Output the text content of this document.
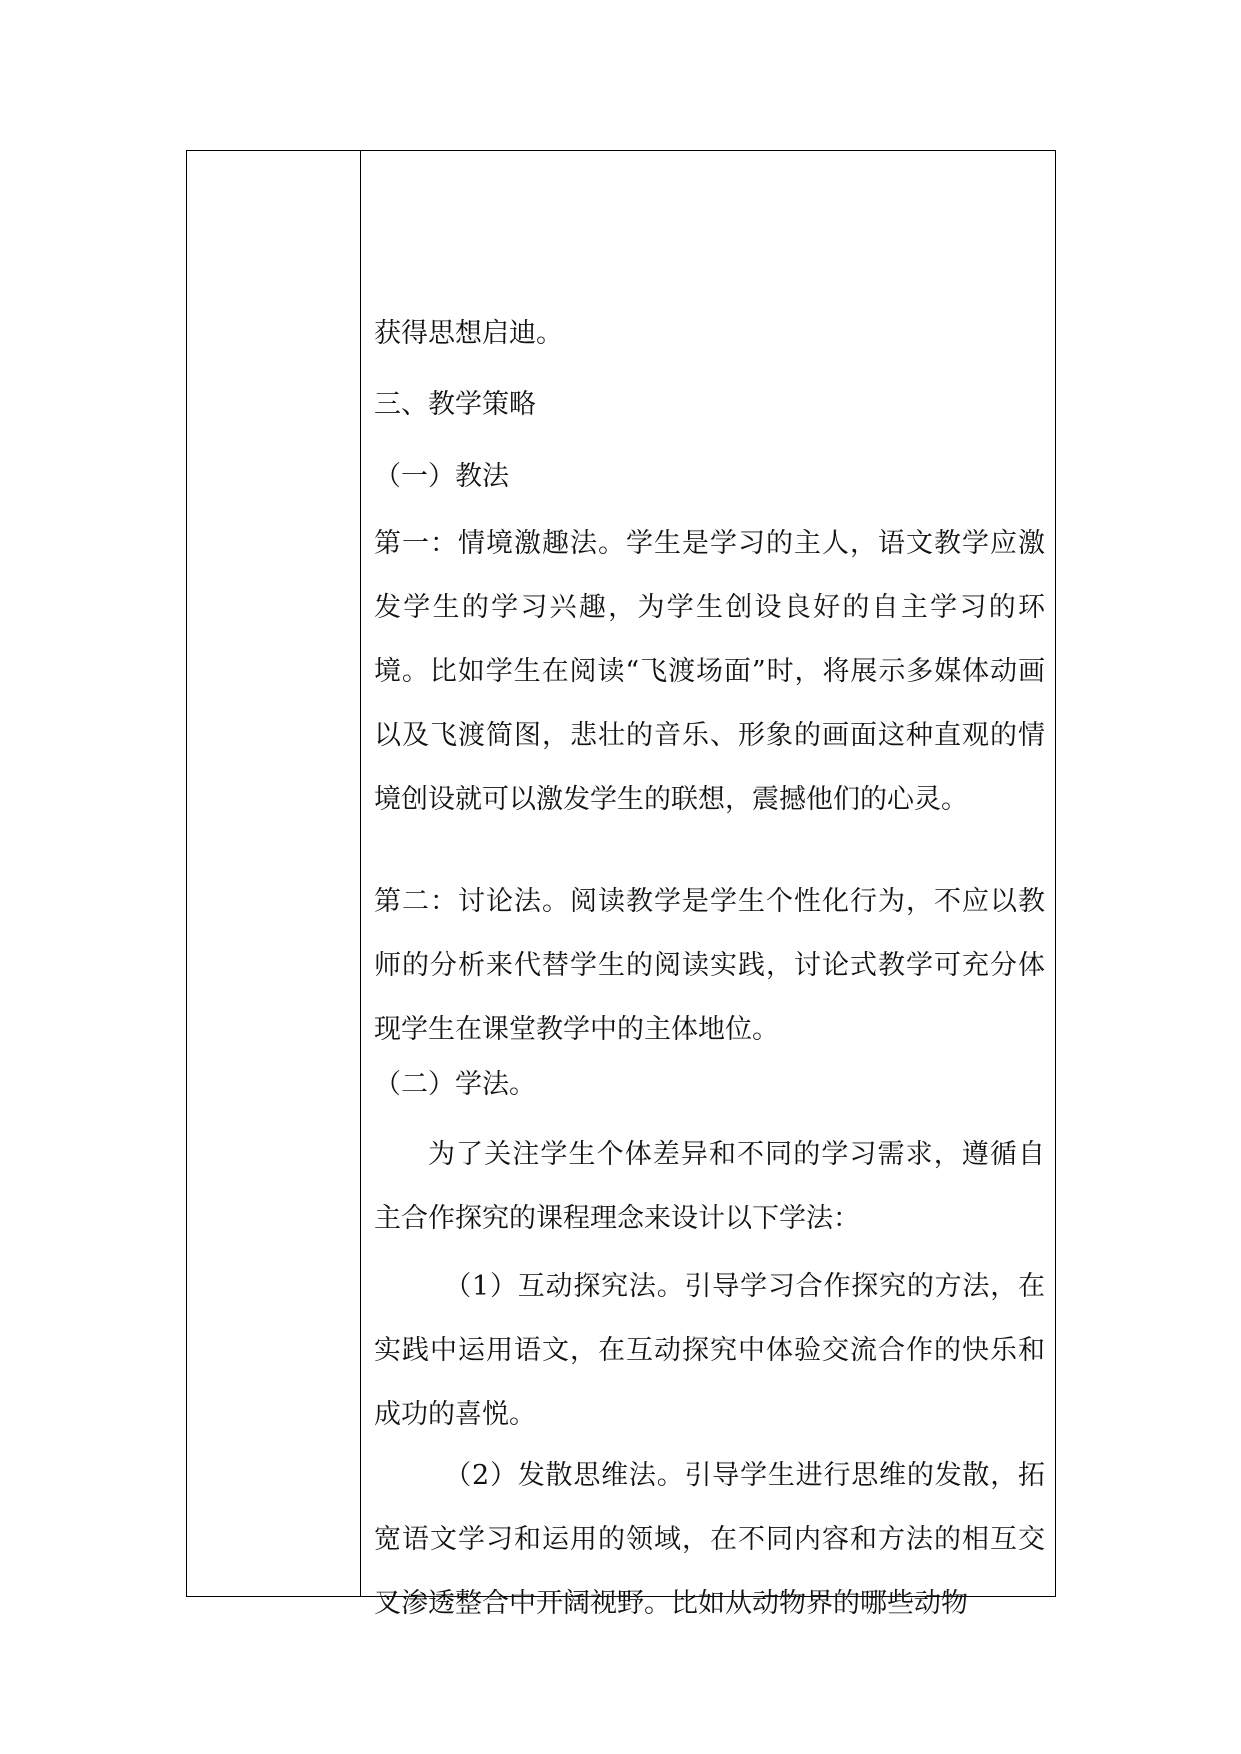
获得思想启迪。
三、教学策略
（一）教法
第一：情境激趣法。学生是学习的主人，语文教学应激发学生的学习兴趣，为学生创设良好的自主学习的环境。比如学生在阅读“飞渡场面”时，将展示多媒体动画以及飞渡简图，悲壮的音乐、形象的画面这种直观的情境创设就可以激发学生的联想，震撼他们的心灵。
第二：讨论法。阅读教学是学生个性化行为，不应以教师的分析来代替学生的阅读实践，讨论式教学可充分体现学生在课堂教学中的主体地位。
（二）学法。
为了关注学生个体差异和不同的学习需求，遵循自主合作探究的课程理念来设计以下学法：
（1）互动探究法。引导学习合作探究的方法，在实践中运用语文，在互动探究中体验交流合作的快乐和成功的喜悦。
（2）发散思维法。引导学生进行思维的发散，拓宽语文学习和运用的领域，在不同内容和方法的相互交叉渗透整合中开阔视野。比如从动物界的哪些动物
